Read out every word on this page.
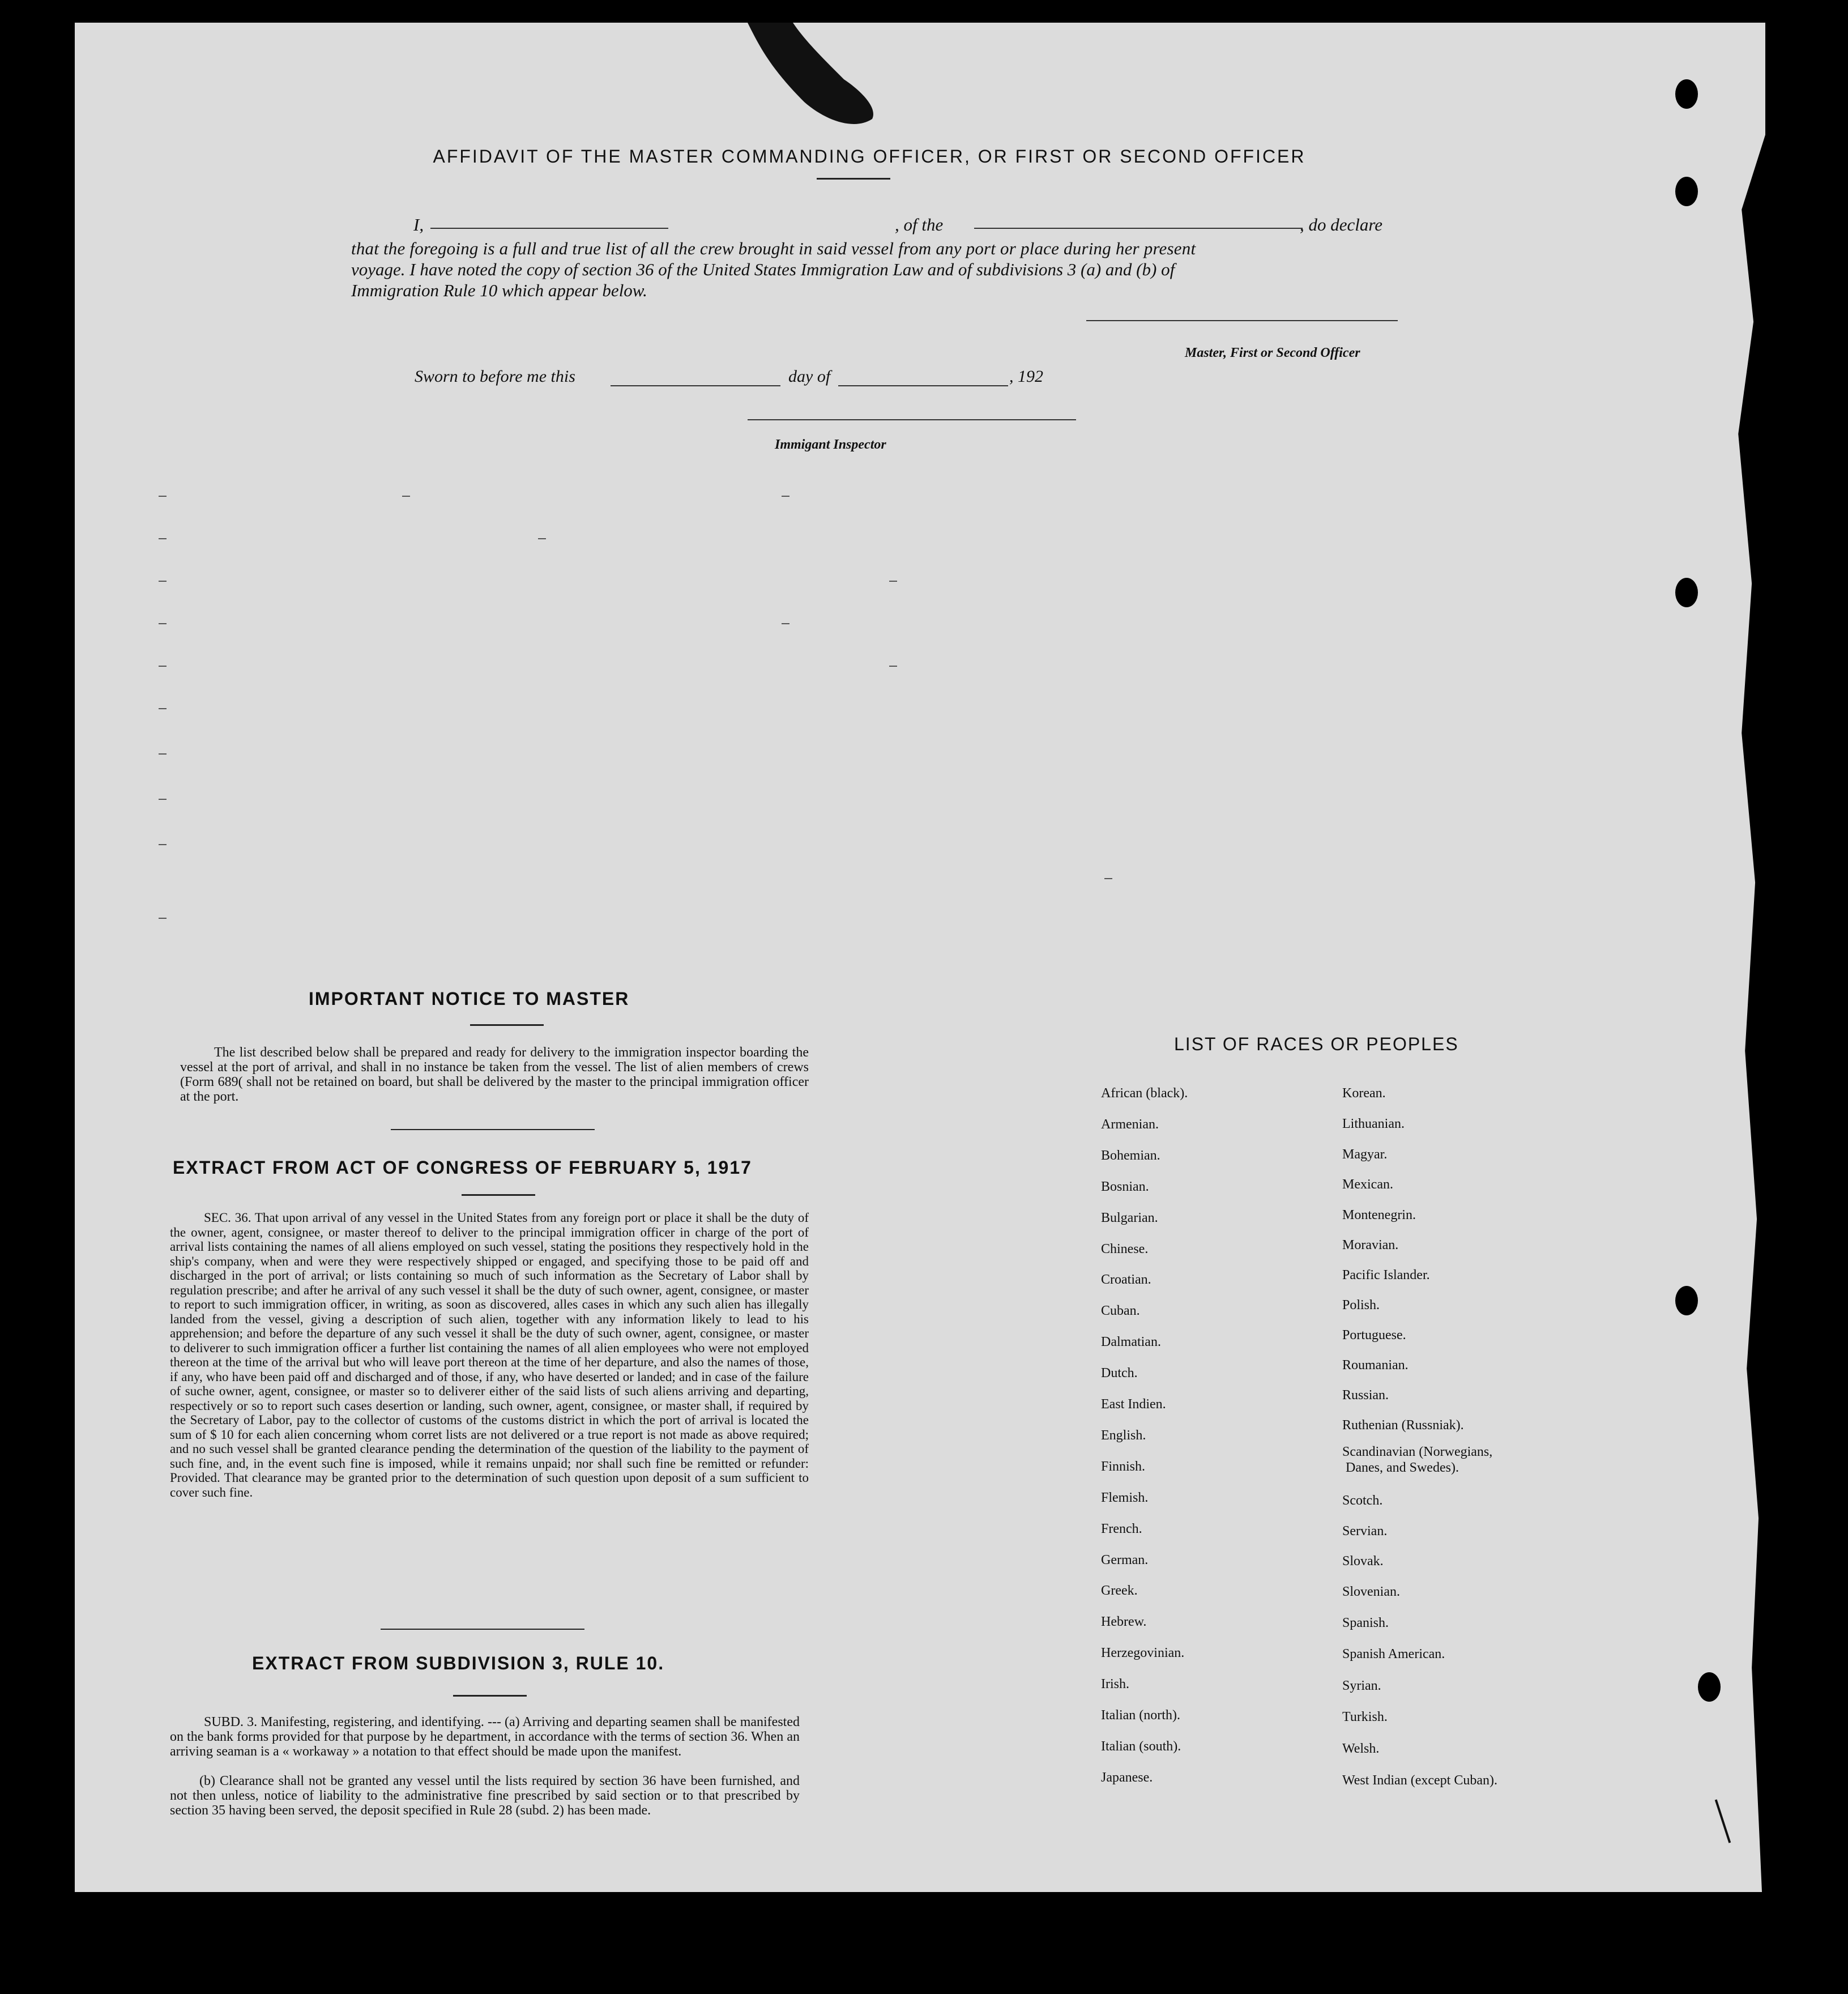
AFFIDAVIT OF THE MASTER COMMANDING OFFICER, OR FIRST OR SECOND OFFICER
I,	, of the	, do declare
that the foregoing is a full and true list of all the crew brought in said vessel from any port or place during her present
voyage. I have noted the copy of section 36 of the United States Immigration Law and of subdivisions 3 (a) and (b) of
Immigration Rule 10 which appear below.
Master, First or Second Officer
Sworn to before me this	day of	, 192
Immigant Inspector
IMPORTANT NOTICE TO MASTER
The list described below shall be prepared and ready for delivery to the immigration inspector boarding the vessel at the port of arrival, and shall in no instance be taken from the vessel. The list of alien members of crews (Form 689( shall not be retained on board, but shall be delivered by the master to the principal immigration officer at the port.
EXTRACT FROM ACT OF CONGRESS OF FEBRUARY 5, 1917
SEC. 36. That upon arrival of any vessel in the United States from any foreign port or place it shall be the duty of the owner, agent, consignee, or master thereof to deliver to the principal immigration officer in charge of the port of arrival lists containing the names of all aliens employed on such vessel, stating the positions they respectively hold in the ship's company, when and were they were respectively shipped or engaged, and specifying those to be paid off and discharged in the port of arrival; or lists containing so much of such information as the Secretary of Labor shall by regulation prescribe; and after he arrival of any such vessel it shall be the duty of such owner, agent, consignee, or master to report to such immigration officer, in writing, as soon as discovered, alles cases in which any such alien has illegally landed from the vessel, giving a description of such alien, together with any information likely to lead to his apprehension; and before the departure of any such vessel it shall be the duty of such owner, agent, consignee, or master to deliverer to such immigration officer a further list containing the names of all alien employees who were not employed thereon at the time of the arrival but who will leave port thereon at the time of her departure, and also the names of those, if any, who have been paid off and discharged and of those, if any, who have deserted or landed; and in case of the failure of suche owner, agent, consignee, or master so to deliverer either of the said lists of such aliens arriving and departing, respectively or so to report such cases desertion or landing, such owner, agent, consignee, or master shall, if required by the Secretary of Labor, pay to the collector of customs of the customs district in which the port of arrival is located the sum of $ 10 for each alien concerning whom corret lists are not delivered or a true report is not made as above required; and no such vessel shall be granted clearance pending the determination of the question of the liability to the payment of such fine, and, in the event such fine is imposed, while it remains unpaid; nor shall such fine be remitted or refunder: Provided. That clearance may be granted prior to the determination of such question upon deposit of a sum sufficient to cover such fine.
EXTRACT FROM SUBDIVISION 3, RULE 10.
SUBD. 3. Manifesting, registering, and identifying. --- (a) Arriving and departing seamen shall be manifested on the bank forms provided for that purpose by he department, in accordance with the terms of section 36. When an arriving seaman is a « workaway » a notation to that effect should be made upon the manifest.
(b) Clearance shall not be granted any vessel until the lists required by section 36 have been furnished, and not then unless, notice of liability to the administrative fine prescribed by said section or to that prescribed by section 35 having been served, the deposit specified in Rule 28 (subd. 2) has been made.
LIST OF RACES OR PEOPLES
African (black).
Armenian.
Bohemian.
Bosnian.
Bulgarian.
Chinese.
Croatian.
Cuban.
Dalmatian.
Dutch.
East Indien.
English.
Finnish.
Flemish.
French.
German.
Greek.
Hebrew.
Herzegovinian.
Irish.
Italian (north).
Italian (south).
Japanese.
Korean.
Lithuanian.
Magyar.
Mexican.
Montenegrin.
Moravian.
Pacific Islander.
Polish.
Portuguese.
Roumanian.
Russian.
Ruthenian (Russniak).
Scandinavian (Norwegians,
Danes, and Swedes).
Scotch.
Servian.
Slovak.
Slovenian.
Spanish.
Spanish American.
Syrian.
Turkish.
Welsh.
West Indian (except Cuban).
